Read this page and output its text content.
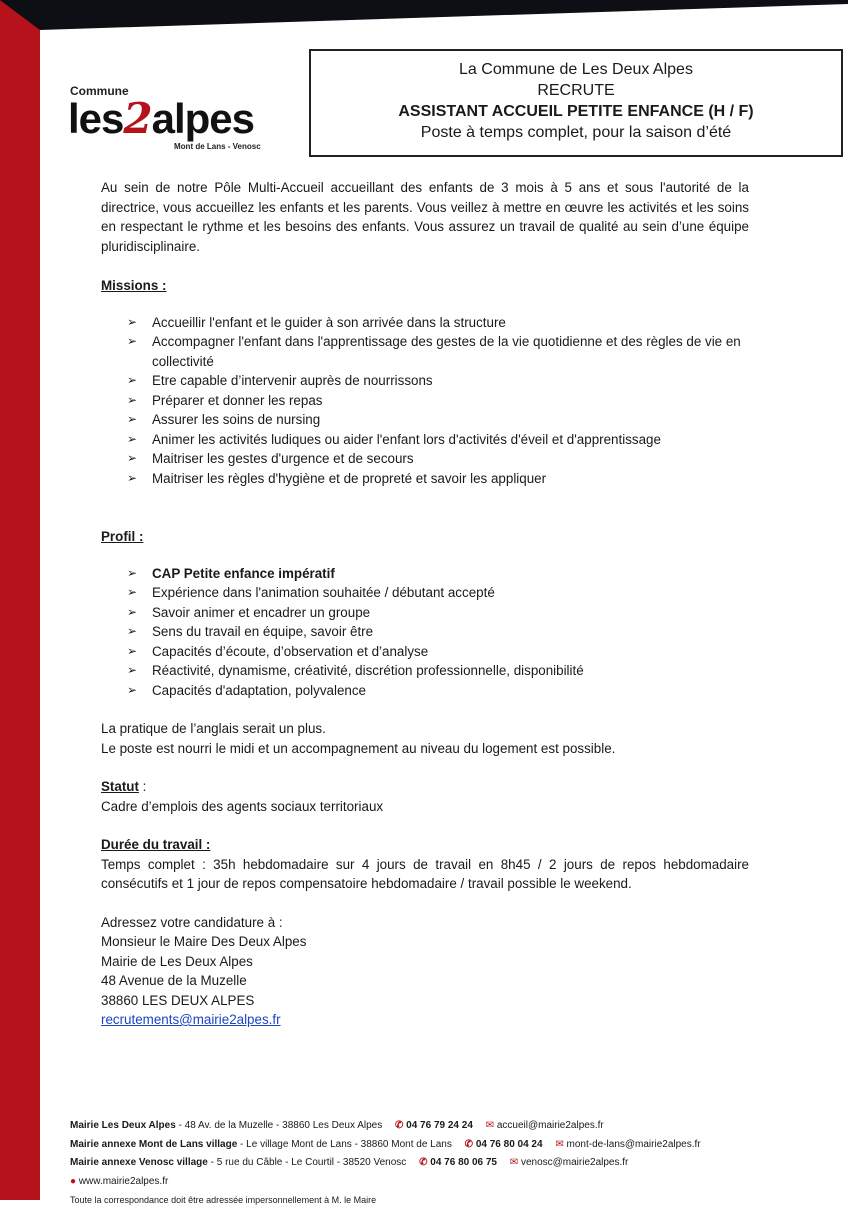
Commune
les2alpes
Mont de Lans - Venosc
La Commune de Les Deux Alpes
RECRUTE
ASSISTANT ACCUEIL PETITE ENFANCE (H / F)
Poste à temps complet, pour la saison d’été

Au sein de notre Pôle Multi-Accueil accueillant des enfants de 3 mois à 5 ans et sous l'autorité de la directrice, vous accueillez les enfants et les parents. Vous veillez à mettre en œuvre les activités et les soins en respectant le rythme et les besoins des enfants. Vous assurez un travail de qualité au sein d’une équipe pluridisciplinaire.

Missions :

➢ Accueillir l'enfant et le guider à son arrivée dans la structure
➢ Accompagner l'enfant dans l'apprentissage des gestes de la vie quotidienne et des règles de vie en collectivité
➢ Etre capable d’intervenir auprès de nourrissons
➢ Préparer et donner les repas
➢ Assurer les soins de nursing
➢ Animer les activités ludiques ou aider l'enfant lors d'activités d'éveil et d'apprentissage
➢ Maitriser les gestes d'urgence et de secours
➢ Maitriser les règles d'hygiène et de propreté et savoir les appliquer

Profil :

➢ CAP Petite enfance impératif
➢ Expérience dans l'animation souhaitée / débutant accepté
➢ Savoir animer et encadrer un groupe
➢ Sens du travail en équipe, savoir être
➢ Capacités d’écoute, d’observation et d’analyse
➢ Réactivité, dynamisme, créativité, discrétion professionnelle, disponibilité
➢ Capacités d'adaptation, polyvalence

La pratique de l’anglais serait un plus.

Le poste est nourri le midi et un accompagnement au niveau du logement est possible.

Statut :

Cadre d’emplois des agents sociaux territoriaux

Durée du travail :

Temps complet : 35h hebdomadaire sur 4 jours de travail en 8h45 / 2 jours de repos hebdomadaire consécutifs et 1 jour de repos compensatoire hebdomadaire / travail possible le weekend.

Adressez votre candidature à :

Monsieur le Maire Des Deux Alpes

Mairie de Les Deux Alpes

48 Avenue de la Muzelle

38860 LES DEUX ALPES

recrutements@mairie2alpes.fr

Mairie Les Deux Alpes - 48 Av. de la Muzelle - 38860 Les Deux Alpes ✆ 04 76 79 24 24 ✉ accueil@mairie2alpes.fr
Mairie annexe Mont de Lans village - Le village Mont de Lans - 38860 Mont de Lans ✆ 04 76 80 04 24 ✉ mont-de-lans@mairie2alpes.fr
Mairie annexe Venosc village - 5 rue du Câble - Le Courtil - 38520 Venosc ✆ 04 76 80 06 75 ✉ venosc@mairie2alpes.fr
● www.mairie2alpes.fr
Toute la correspondance doit être adressée impersonnellement à M. le Maire
